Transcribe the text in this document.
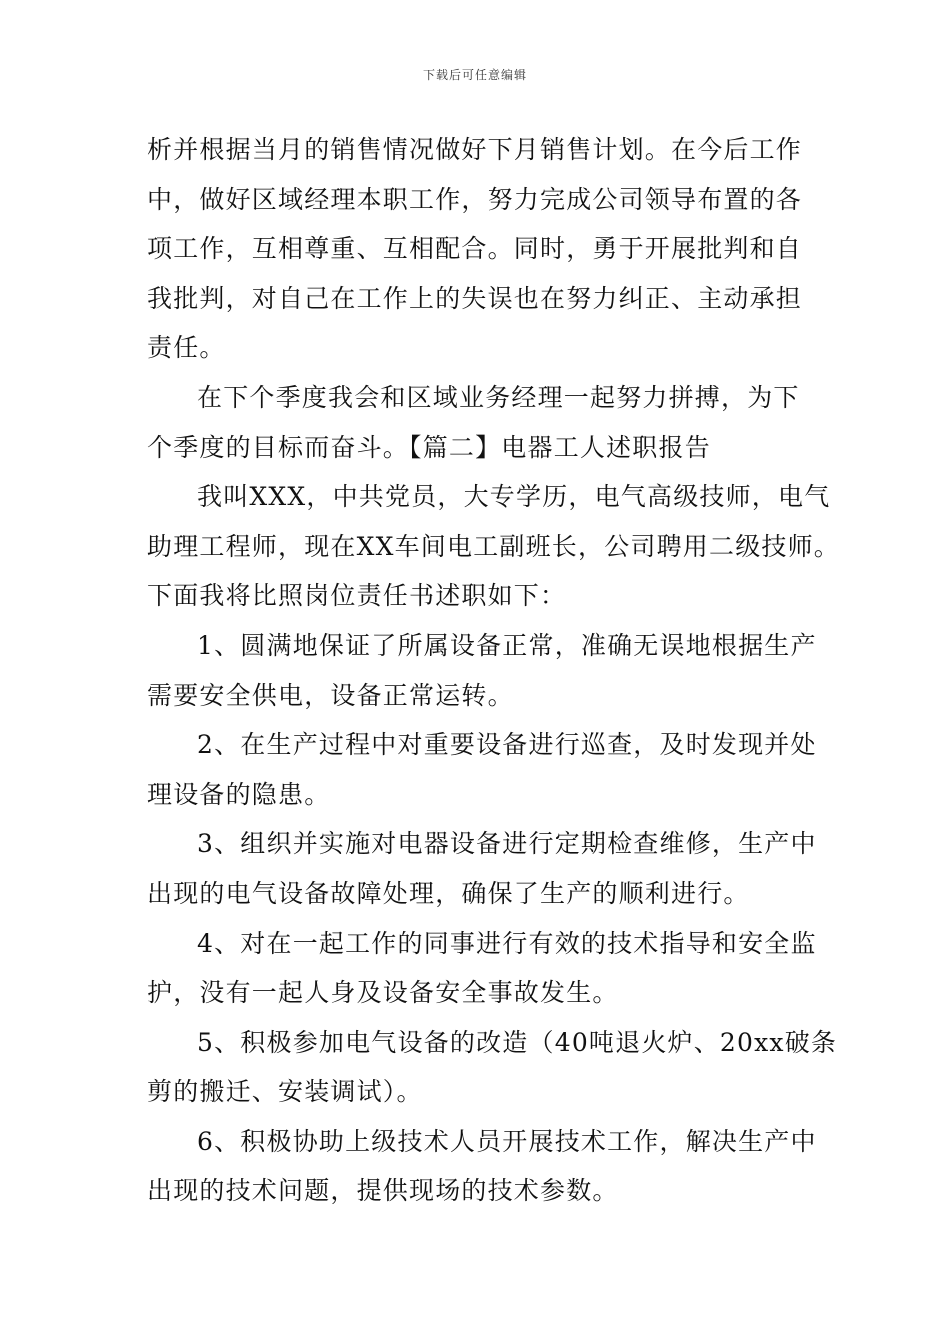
下载后可任意编辑
析并根据当月的销售情况做好下月销售计划。在今后工作
中，做好区域经理本职工作，努力完成公司领导布置的各
项工作，互相尊重、互相配合。同时，勇于开展批判和自
我批判，对自己在工作上的失误也在努力纠正、主动承担
责任。
在下个季度我会和区域业务经理一起努力拼搏，为下
个季度的目标而奋斗。【篇二】电器工人述职报告
我叫XXX，中共党员，大专学历，电气高级技师，电气
助理工程师，现在XX车间电工副班长，公司聘用二级技师。
下面我将比照岗位责任书述职如下：
1、圆满地保证了所属设备正常，准确无误地根据生产
需要安全供电，设备正常运转。
2、在生产过程中对重要设备进行巡查，及时发现并处
理设备的隐患。
3、组织并实施对电器设备进行定期检查维修，生产中
出现的电气设备故障处理，确保了生产的顺利进行。
4、对在一起工作的同事进行有效的技术指导和安全监
护，没有一起人身及设备安全事故发生。
5、积极参加电气设备的改造（40吨退火炉、20xx破条
剪的搬迁、安装调试）。
6、积极协助上级技术人员开展技术工作，解决生产中
出现的技术问题，提供现场的技术参数。
